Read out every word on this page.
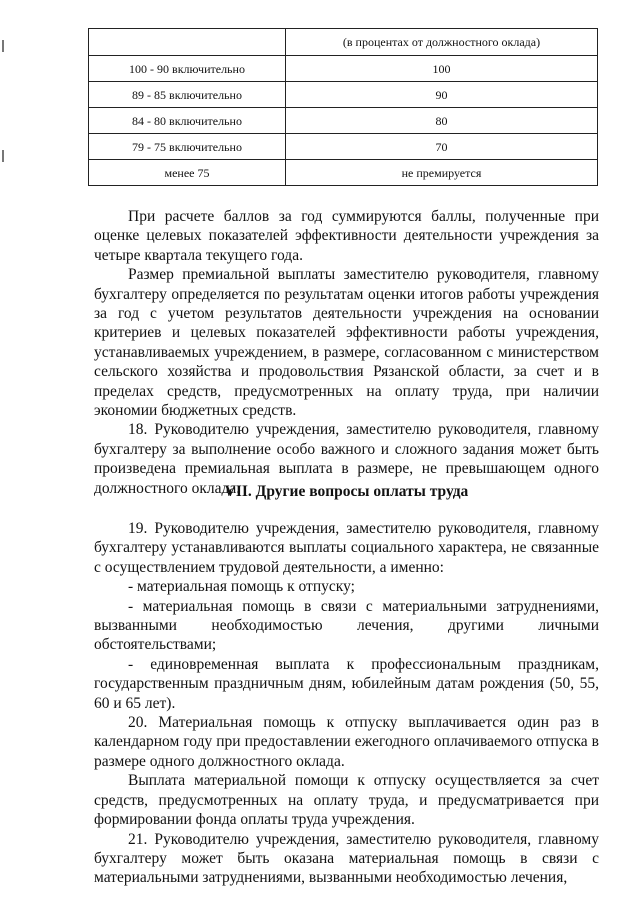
	(в процентах от должностного оклада)
100 - 90 включительно	100
89 - 85 включительно	90
84 - 80 включительно	80
79 - 75 включительно	70
менее 75	не премируется

При расчете баллов за год суммируются баллы, полученные при оценке целевых показателей эффективности деятельности учреждения за четыре квартала текущего года.

Размер премиальной выплаты заместителю руководителя, главному бухгалтеру определяется по результатам оценки итогов работы учреждения за год с учетом результатов деятельности учреждения на основании критериев и целевых показателей эффективности работы учреждения, устанавливаемых учреждением, в размере, согласованном с министерством сельского хозяйства и продовольствия Рязанской области, за счет и в пределах средств, предусмотренных на оплату труда, при наличии экономии бюджетных средств.

18. Руководителю учреждения, заместителю руководителя, главному бухгалтеру за выполнение особо важного и сложного задания может быть произведена премиальная выплата в размере, не превышающем одного должностного оклада.

VII. Другие вопросы оплаты труда

19. Руководителю учреждения, заместителю руководителя, главному бухгалтеру устанавливаются выплаты социального характера, не связанные с осуществлением трудовой деятельности, а именно:

- материальная помощь к отпуску;

- материальная помощь в связи с материальными затруднениями, вызванными необходимостью лечения, другими личными обстоятельствами;

- единовременная выплата к профессиональным праздникам, государственным праздничным дням, юбилейным датам рождения (50, 55, 60 и 65 лет).

20. Материальная помощь к отпуску выплачивается один раз в календарном году при предоставлении ежегодного оплачиваемого отпуска в размере одного должностного оклада.

Выплата материальной помощи к отпуску осуществляется за счет средств, предусмотренных на оплату труда, и предусматривается при формировании фонда оплаты труда учреждения.

21. Руководителю учреждения, заместителю руководителя, главному бухгалтеру может быть оказана материальная помощь в связи с материальными затруднениями, вызванными необходимостью лечения,
